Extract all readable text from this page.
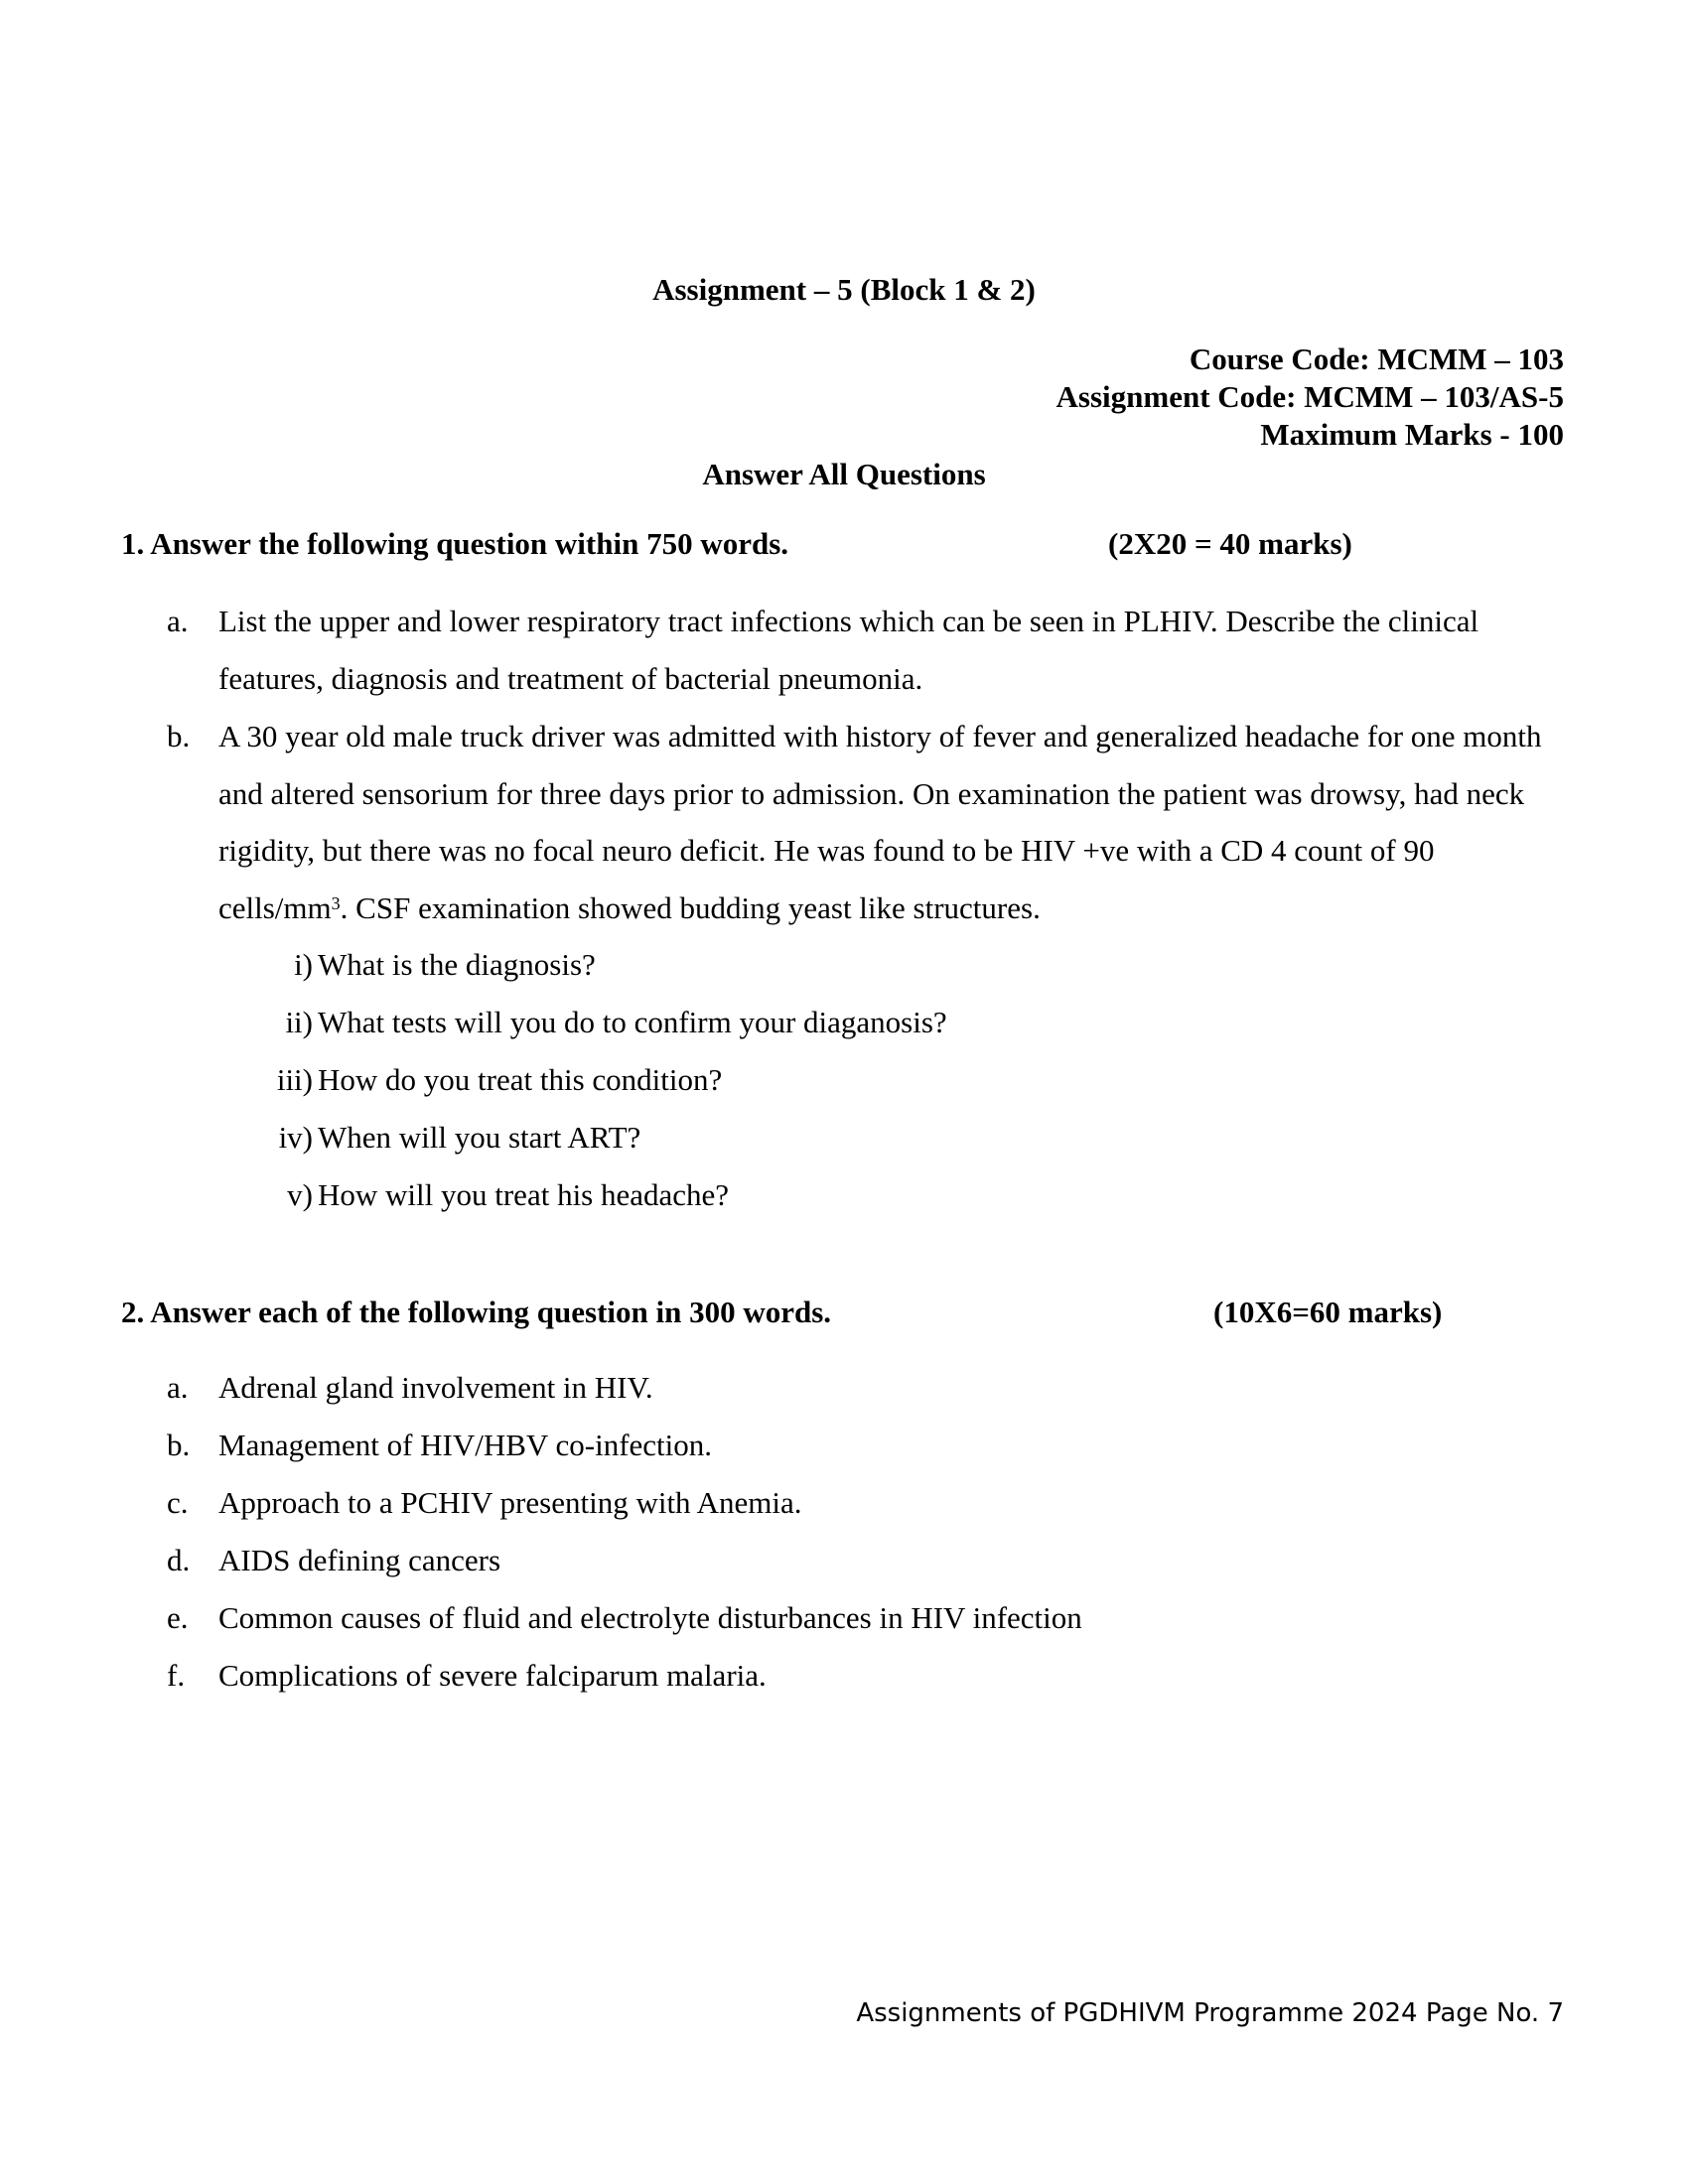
Assignment – 5 (Block 1 & 2)
Course Code: MCMM – 103
Assignment Code: MCMM – 103/AS-5
Maximum Marks - 100
Answer All Questions
1. Answer the following question within 750 words.	(2X20 = 40 marks)
a. List the upper and lower respiratory tract infections which can be seen in PLHIV. Describe the clinical features, diagnosis and treatment of bacterial pneumonia.
b. A 30 year old male truck driver was admitted with history of fever and generalized headache for one month and altered sensorium for three days prior to admission. On examination the patient was drowsy, had neck rigidity, but there was no focal neuro deficit. He was found to be HIV +ve with a CD 4 count of 90 cells/$mm^3$. CSF examination showed budding yeast like structures.
i) What is the diagnosis?
ii) What tests will you do to confirm your diaganosis?
iii) How do you treat this condition?
iv) When will you start ART?
v) How will you treat his headache?
2. Answer each of the following question in 300 words.	(10X6=60 marks)
a. Adrenal gland involvement in HIV.
b. Management of HIV/HBV co-infection.
c. Approach to a PCHIV presenting with Anemia.
d. AIDS defining cancers
e. Common causes of fluid and electrolyte disturbances in HIV infection
f.	Complications of severe falciparum malaria.
Assignments of PGDHIVM Programme 2024 Page No. 7
